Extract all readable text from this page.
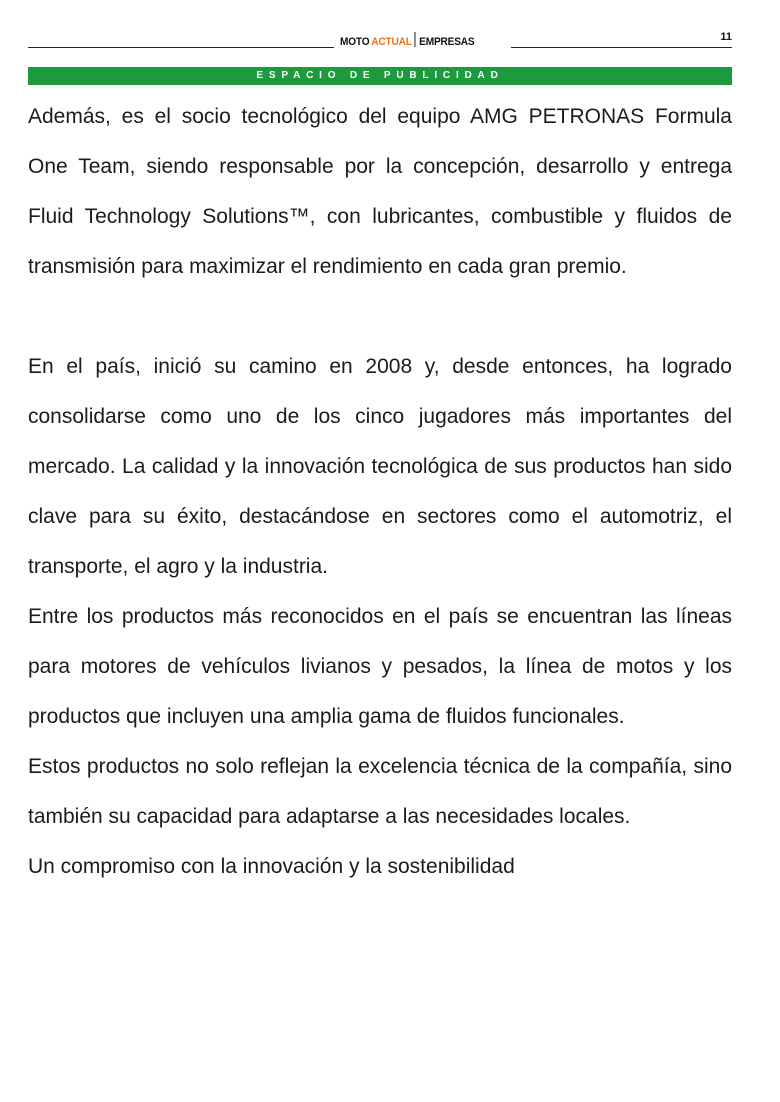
MOTO ACTUAL EMPRESAS	11
ESPACIO DE PUBLICIDAD

Además, es el socio tecnológico del equipo AMG PETRONAS Formula One Team, siendo responsable por la concepción, desarrollo y entrega Fluid Technology Solutions™, con lubricantes, combustible y fluidos de transmisión para maximizar el rendimiento en cada gran premio.

En el país, inició su camino en 2008 y, desde entonces, ha logrado consolidarse como uno de los cinco jugadores más importantes del mercado. La calidad y la innovación tecnológica de sus productos han sido clave para su éxito, destacándose en sectores como el automotriz, el transporte, el agro y la industria.

Entre los productos más reconocidos en el país se encuentran las líneas para motores de vehículos livianos y pesados, la línea de motos y los productos que incluyen una amplia gama de fluidos funcionales.

Estos productos no solo reflejan la excelencia técnica de la compañía, sino también su capacidad para adaptarse a las necesidades locales.

Un compromiso con la innovación y la sostenibilidad
